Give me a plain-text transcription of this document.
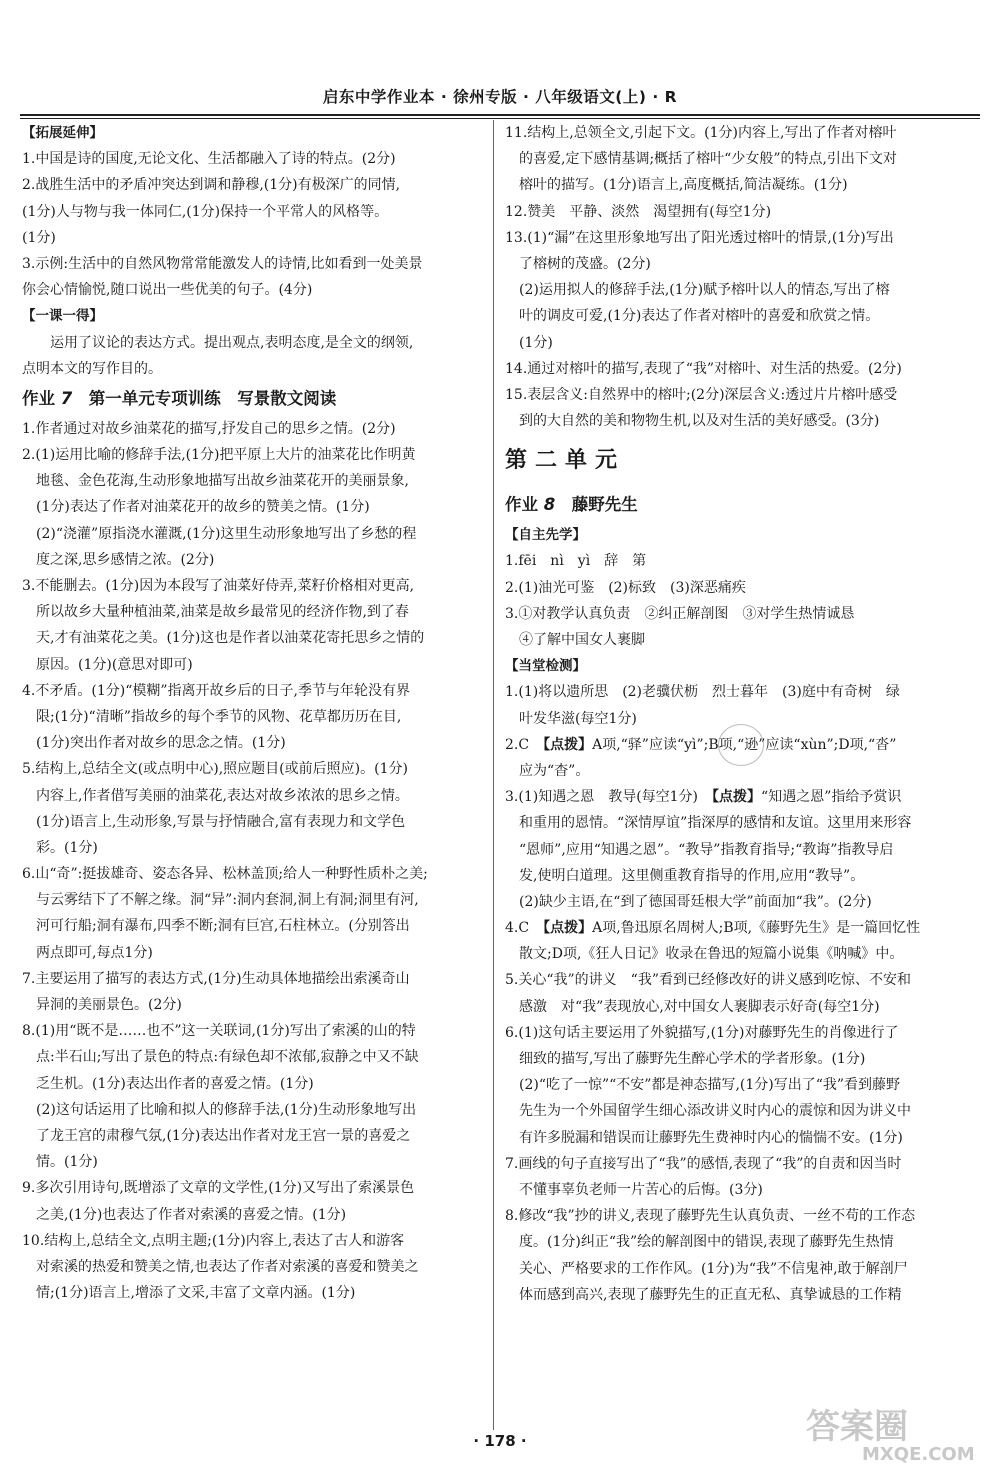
启东中学作业本 · 徐州专版 · 八年级语文(上) · R
【拓展延伸】
1.中国是诗的国度,无论文化、生活都融入了诗的特点。(2分)
2.战胜生活中的矛盾冲突达到调和静穆,(1分)有极深广的同情,
(1分)人与物与我一体同仁,(1分)保持一个平常人的风格等。
(1分)
3.示例:生活中的自然风物常常能激发人的诗情,比如看到一处美景
你会心情愉悦,随口说出一些优美的句子。(4分)
【一课一得】
运用了议论的表达方式。提出观点,表明态度,是全文的纲领,
点明本文的写作目的。
作业 7　 第一单元专项训练　写景散文阅读
1.作者通过对故乡油菜花的描写,抒发自己的思乡之情。(2分)
2.(1)运用比喻的修辞手法,(1分)把平原上大片的油菜花比作明黄
地毯、金色花海,生动形象地描写出故乡油菜花开的美丽景象,
(1分)表达了作者对油菜花开的故乡的赞美之情。(1分)
(2)“浇灌”原指浇水灌溉,(1分)这里生动形象地写出了乡愁的程
度之深,思乡感情之浓。(2分)
3.不能删去。(1分)因为本段写了油菜好侍弄,菜籽价格相对更高,
所以故乡大量种植油菜,油菜是故乡最常见的经济作物,到了春
天,才有油菜花之美。(1分)这也是作者以油菜花寄托思乡之情的
原因。(1分)(意思对即可)
4.不矛盾。(1分)“模糊”指离开故乡后的日子,季节与年轮没有界
限;(1分)“清晰”指故乡的每个季节的风物、花草都历历在目,
(1分)突出作者对故乡的思念之情。(1分)
5.结构上,总结全文(或点明中心),照应题目(或前后照应)。(1分)
内容上,作者借写美丽的油菜花,表达对故乡浓浓的思乡之情。
(1分)语言上,生动形象,写景与抒情融合,富有表现力和文学色
彩。(1分)
6.山“奇”:挺拔雄奇、姿态各异、松林盖顶;给人一种野性质朴之美;
与云雾结下了不解之缘。洞“异”:洞内套洞,洞上有洞;洞里有河,
河可行船;洞有瀑布,四季不断;洞有巨宫,石柱林立。(分别答出
两点即可,每点1分)
7.主要运用了描写的表达方式,(1分)生动具体地描绘出索溪奇山
异洞的美丽景色。(2分)
8.(1)用“既不是……也不”这一关联词,(1分)写出了索溪的山的特
点:半石山;写出了景色的特点:有绿色却不浓郁,寂静之中又不缺
乏生机。(1分)表达出作者的喜爱之情。(1分)
(2)这句话运用了比喻和拟人的修辞手法,(1分)生动形象地写出
了龙王宫的肃穆气氛,(1分)表达出作者对龙王宫一景的喜爱之
情。(1分)
9.多次引用诗句,既增添了文章的文学性,(1分)又写出了索溪景色
之美,(1分)也表达了作者对索溪的喜爱之情。(1分)
10.结构上,总结全文,点明主题;(1分)内容上,表达了古人和游客
对索溪的热爱和赞美之情,也表达了作者对索溪的喜爱和赞美之
情;(1分)语言上,增添了文采,丰富了文章内涵。(1分)
11.结构上,总领全文,引起下文。(1分)内容上,写出了作者对榕叶
的喜爱,定下感情基调;概括了榕叶“少女般”的特点,引出下文对
榕叶的描写。(1分)语言上,高度概括,简洁凝练。(1分)
12.赞美　平静、淡然　渴望拥有(每空1分)
13.(1)“漏”在这里形象地写出了阳光透过榕叶的情景,(1分)写出
了榕树的茂盛。(2分)
(2)运用拟人的修辞手法,(1分)赋予榕叶以人的情态,写出了榕
叶的调皮可爱,(1分)表达了作者对榕叶的喜爱和欣赏之情。
(1分)
14.通过对榕叶的描写,表现了“我”对榕叶、对生活的热爱。(2分)
15.表层含义:自然界中的榕叶;(2分)深层含义:透过片片榕叶感受
到的大自然的美和物物生机,以及对生活的美好感受。(3分)
第二单元
作业 8　 藤野先生
【自主先学】
1.fēi　nì　yì　辞　第
2.(1)油光可鉴　(2)标致　(3)深恶痛疾
3.①对教学认真负责　②纠正解剖图　③对学生热情诚恳
④了解中国女人裹脚
【当堂检测】
1.(1)将以遗所思　(2)老骥伏枥　烈士暮年　(3)庭中有奇树　绿
叶发华滋(每空1分)
2.C　【点拨】A项,“驿”应读“yì”;B项,“逊”应读“xùn”;D项,“沓”
应为“杳”。
3.(1)知遇之恩　教导(每空1分)　【点拨】“知遇之恩”指给予赏识
和重用的恩情。“深情厚谊”指深厚的感情和友谊。这里用来形容
“恩师”,应用“知遇之恩”。“教导”指教育指导;“教诲”指教导启
发,使明白道理。这里侧重教育指导的作用,应用“教导”。
(2)缺少主语,在“到了德国哥廷根大学”前面加“我”。(2分)
4.C　【点拨】A项,鲁迅原名周树人;B项,《藤野先生》是一篇回忆性
散文;D项,《狂人日记》收录在鲁迅的短篇小说集《呐喊》中。
5.关心“我”的讲义　“我”看到已经修改好的讲义感到吃惊、不安和
感激　对“我”表现放心,对中国女人裹脚表示好奇(每空1分)
6.(1)这句话主要运用了外貌描写,(1分)对藤野先生的肖像进行了
细致的描写,写出了藤野先生醉心学术的学者形象。(1分)
(2)“吃了一惊”“不安”都是神态描写,(1分)写出了“我”看到藤野
先生为一个外国留学生细心添改讲义时内心的震惊和因为讲义中
有许多脱漏和错误而让藤野先生费神时内心的惴惴不安。(1分)
7.画线的句子直接写出了“我”的感悟,表现了“我”的自责和因当时
不懂事辜负老师一片苦心的后悔。(3分)
8.修改“我”抄的讲义,表现了藤野先生认真负责、一丝不苟的工作态
度。(1分)纠正“我”绘的解剖图中的错误,表现了藤野先生热情
关心、严格要求的工作作风。(1分)为“我”不信鬼神,敢于解剖尸
体而感到高兴,表现了藤野先生的正直无私、真挚诚恳的工作精
· 178 ·	答案圈
MXQE.COM
